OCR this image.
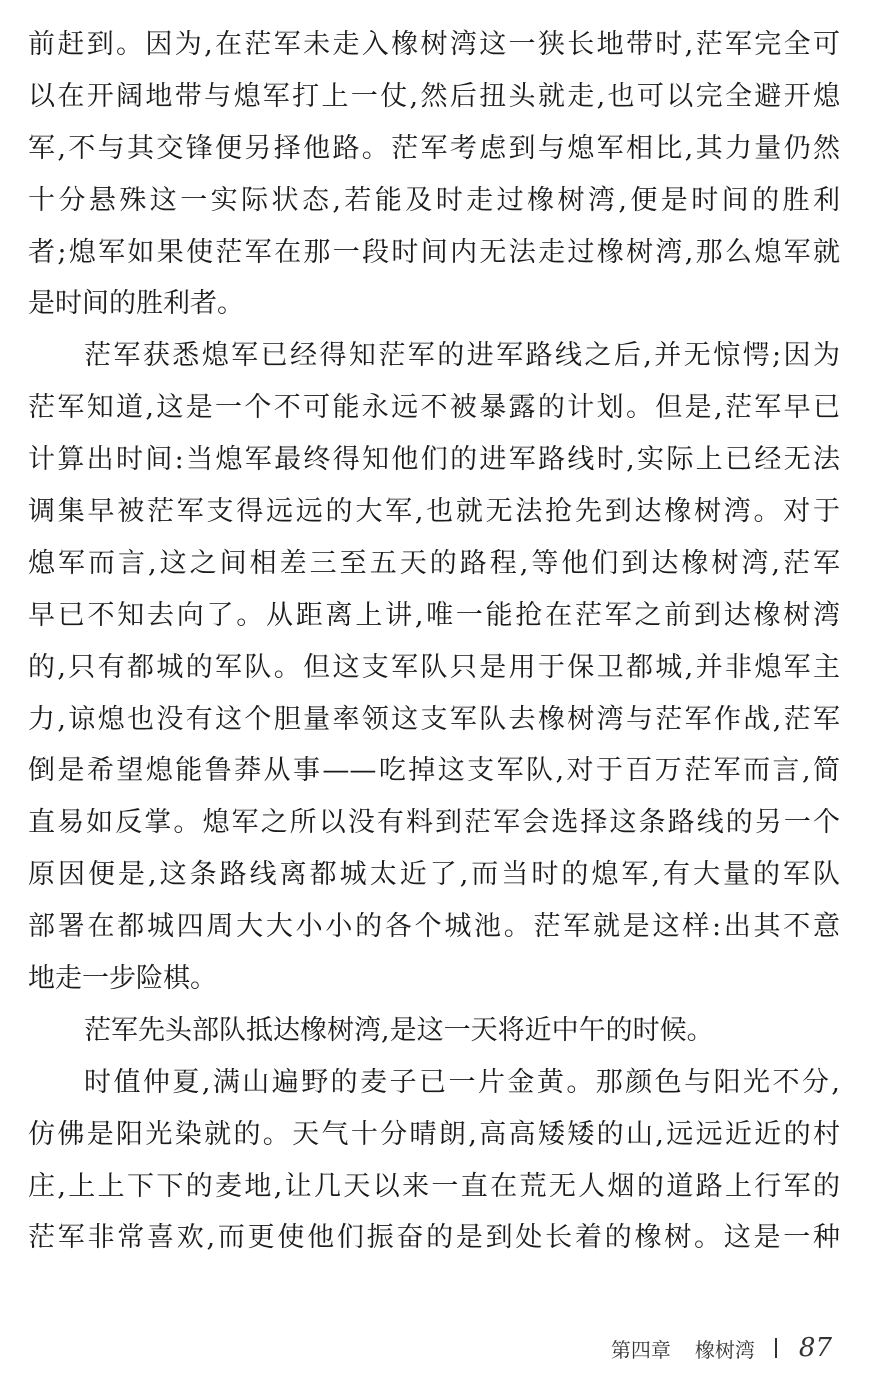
前赶到。因为,在茫军未走入橡树湾这一狭长地带时,茫军完全可
以在开阔地带与熄军打上一仗,然后扭头就走,也可以完全避开熄
军,不与其交锋便另择他路。茫军考虑到与熄军相比,其力量仍然
十分悬殊这一实际状态,若能及时走过橡树湾,便是时间的胜利
者;熄军如果使茫军在那一段时间内无法走过橡树湾,那么熄军就
是时间的胜利者。
茫军获悉熄军已经得知茫军的进军路线之后,并无惊愕;因为
茫军知道,这是一个不可能永远不被暴露的计划。但是,茫军早已
计算出时间:当熄军最终得知他们的进军路线时,实际上已经无法
调集早被茫军支得远远的大军,也就无法抢先到达橡树湾。对于
熄军而言,这之间相差三至五天的路程,等他们到达橡树湾,茫军
早已不知去向了。从距离上讲,唯一能抢在茫军之前到达橡树湾
的,只有都城的军队。但这支军队只是用于保卫都城,并非熄军主
力,谅熄也没有这个胆量率领这支军队去橡树湾与茫军作战,茫军
倒是希望熄能鲁莽从事——吃掉这支军队,对于百万茫军而言,简
直易如反掌。熄军之所以没有料到茫军会选择这条路线的另一个
原因便是,这条路线离都城太近了,而当时的熄军,有大量的军队
部署在都城四周大大小小的各个城池。茫军就是这样:出其不意
地走一步险棋。
茫军先头部队抵达橡树湾,是这一天将近中午的时候。
时值仲夏,满山遍野的麦子已一片金黄。那颜色与阳光不分,
仿佛是阳光染就的。天气十分晴朗,高高矮矮的山,远远近近的村
庄,上上下下的麦地,让几天以来一直在荒无人烟的道路上行军的
茫军非常喜欢,而更使他们振奋的是到处长着的橡树。这是一种
第四章 橡树湾 87
